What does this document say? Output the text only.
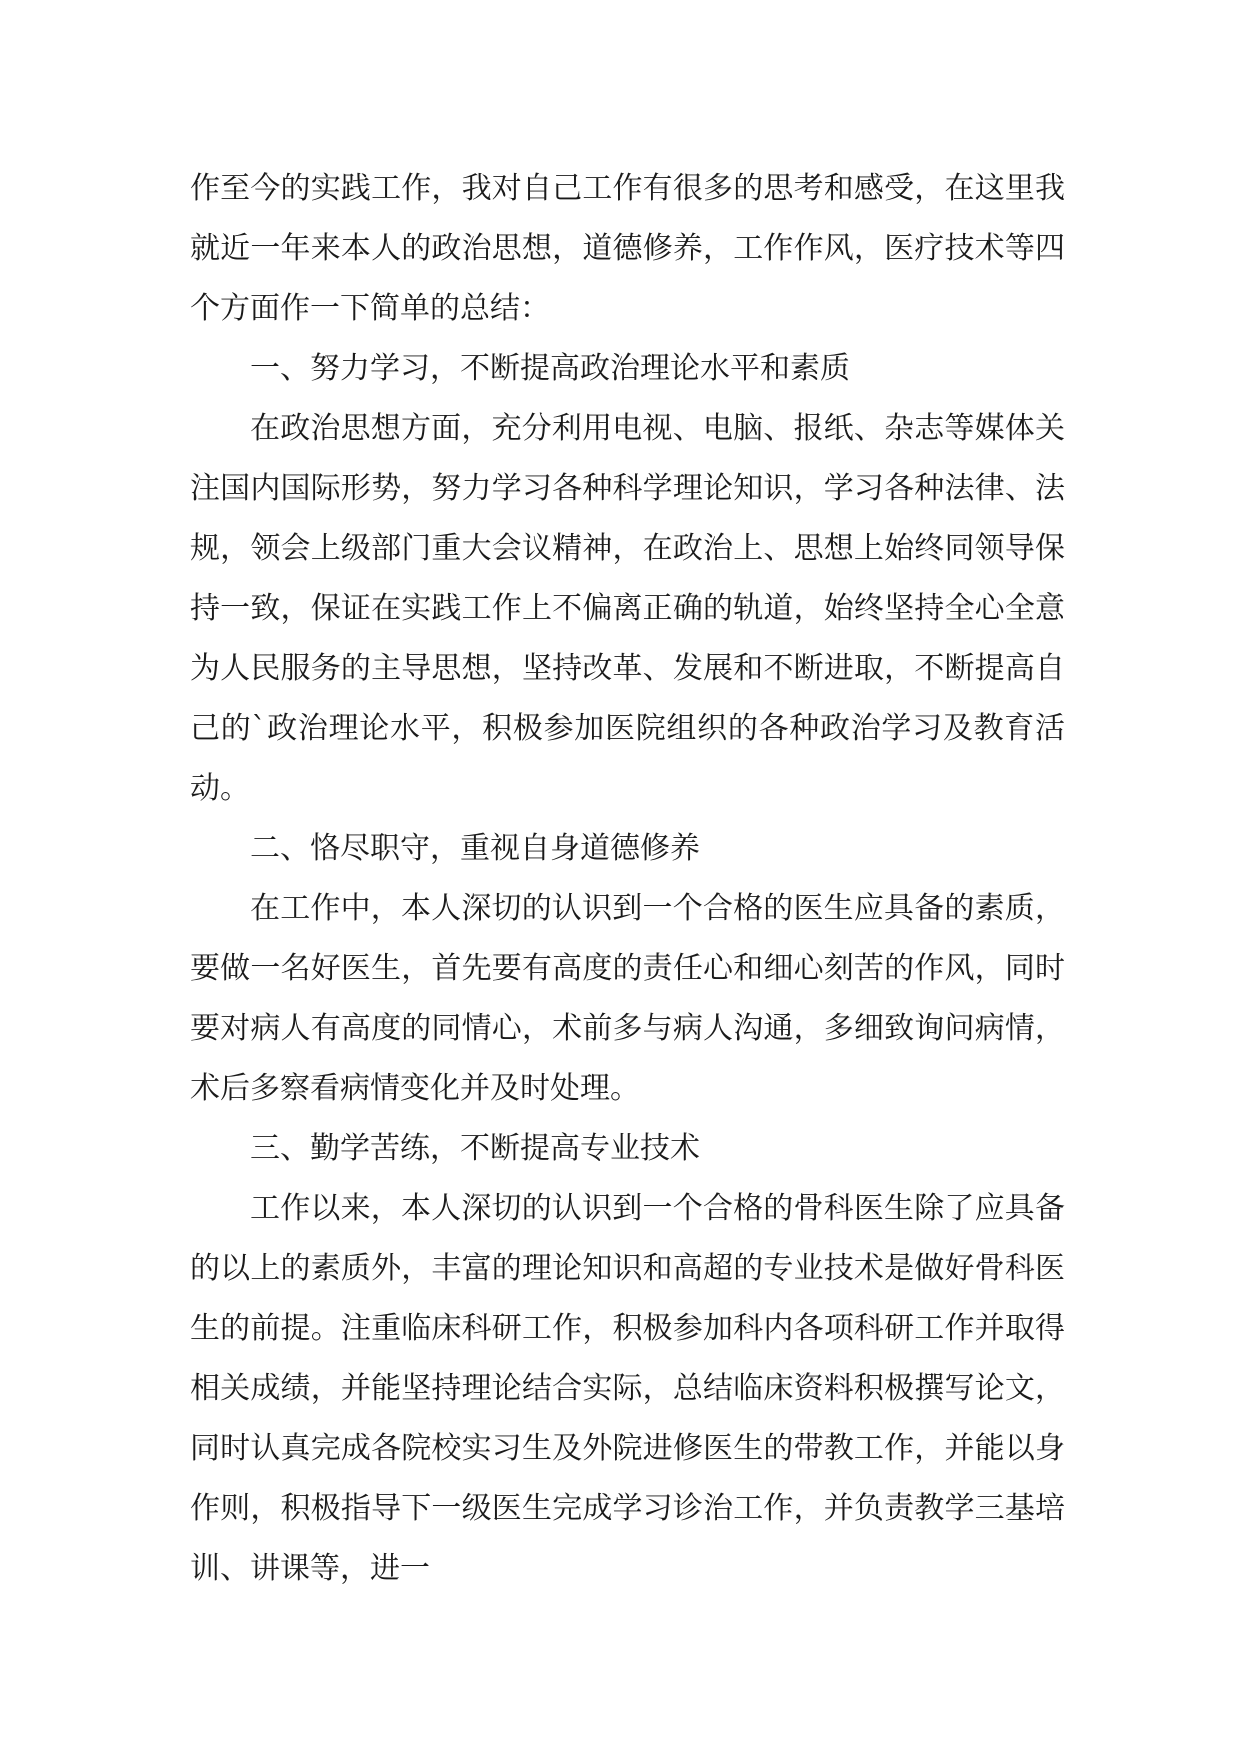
作至今的实践工作，我对自己工作有很多的思考和感受，在这里我就近一年来本人的政治思想，道德修养，工作作风，医疗技术等四个方面作一下简单的总结：

一、努力学习，不断提高政治理论水平和素质

在政治思想方面，充分利用电视、电脑、报纸、杂志等媒体关注国内国际形势，努力学习各种科学理论知识，学习各种法律、法规，领会上级部门重大会议精神，在政治上、思想上始终同领导保持一致，保证在实践工作上不偏离正确的轨道，始终坚持全心全意为人民服务的主导思想，坚持改革、发展和不断进取，不断提高自己的`政治理论水平，积极参加医院组织的各种政治学习及教育活动。

二、恪尽职守，重视自身道德修养

在工作中，本人深切的认识到一个合格的医生应具备的素质，要做一名好医生，首先要有高度的责任心和细心刻苦的作风，同时要对病人有高度的同情心，术前多与病人沟通，多细致询问病情，术后多察看病情变化并及时处理。

三、勤学苦练，不断提高专业技术

工作以来，本人深切的认识到一个合格的骨科医生除了应具备的以上的素质外，丰富的理论知识和高超的专业技术是做好骨科医生的前提。注重临床科研工作，积极参加科内各项科研工作并取得相关成绩，并能坚持理论结合实际，总结临床资料积极撰写论文，同时认真完成各院校实习生及外院进修医生的带教工作，并能以身作则，积极指导下一级医生完成学习诊治工作，并负责教学三基培训、讲课等，进一
